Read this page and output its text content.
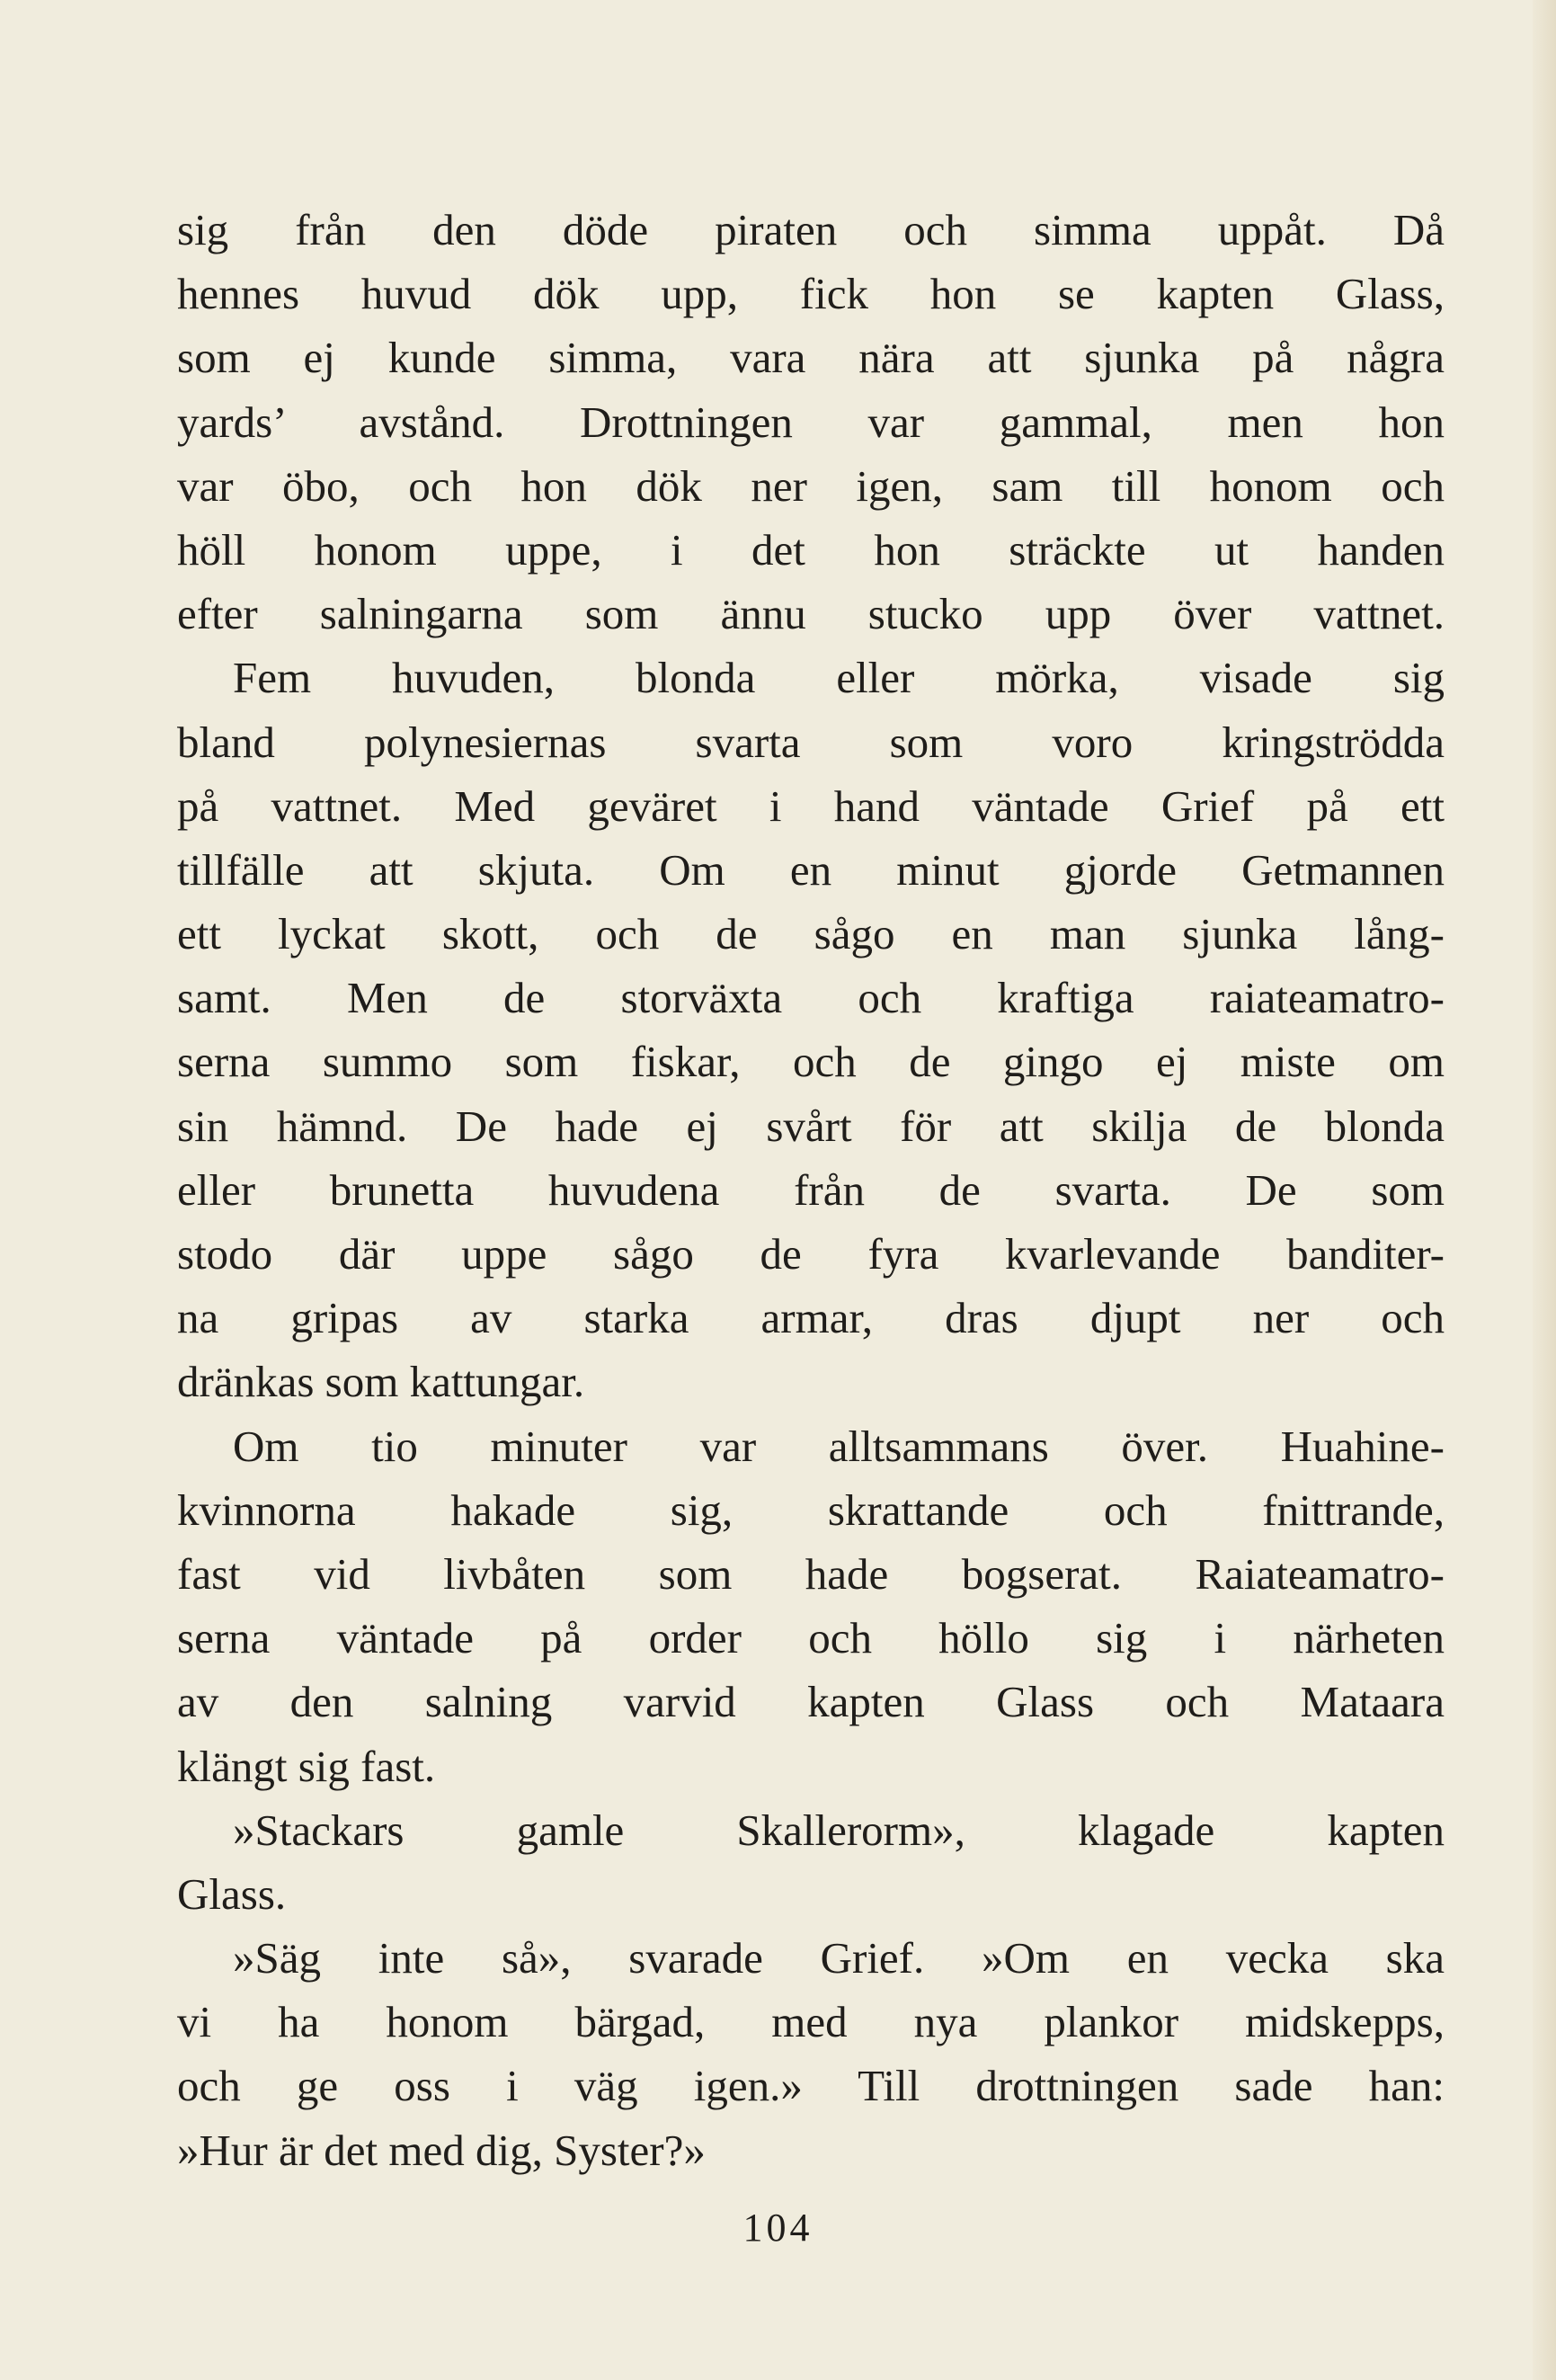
sig från den döde piraten och simma uppåt. Då
hennes huvud dök upp, fick hon se kapten Glass,
som ej kunde simma, vara nära att sjunka på några
yards’ avstånd. Drottningen var gammal, men hon
var öbo, och hon dök ner igen, sam till honom och
höll honom uppe, i det hon sträckte ut handen
efter salningarna som ännu stucko upp över vattnet.
Fem huvuden, blonda eller mörka, visade sig
bland polynesiernas svarta som voro kringströdda
på vattnet. Med geväret i hand väntade Grief på ett
tillfälle att skjuta. Om en minut gjorde Getmannen
ett lyckat skott, och de sågo en man sjunka lång-
samt. Men de storväxta och kraftiga raiateamatro-
serna summo som fiskar, och de gingo ej miste om
sin hämnd. De hade ej svårt för att skilja de blonda
eller brunetta huvudena från de svarta. De som
stodo där uppe sågo de fyra kvarlevande banditer-
na gripas av starka armar, dras djupt ner och
dränkas som kattungar.
Om tio minuter var alltsammans över. Huahine-
kvinnorna hakade sig, skrattande och fnittrande,
fast vid livbåten som hade bogserat. Raiateamatro-
serna väntade på order och höllo sig i närheten
av den salning varvid kapten Glass och Mataara
klängt sig fast.
»Stackars gamle Skallerorm», klagade kapten
Glass.
»Säg inte så», svarade Grief. »Om en vecka ska
vi ha honom bärgad, med nya plankor midskepps,
och ge oss i väg igen.» Till drottningen sade han:
»Hur är det med dig, Syster?»
104
